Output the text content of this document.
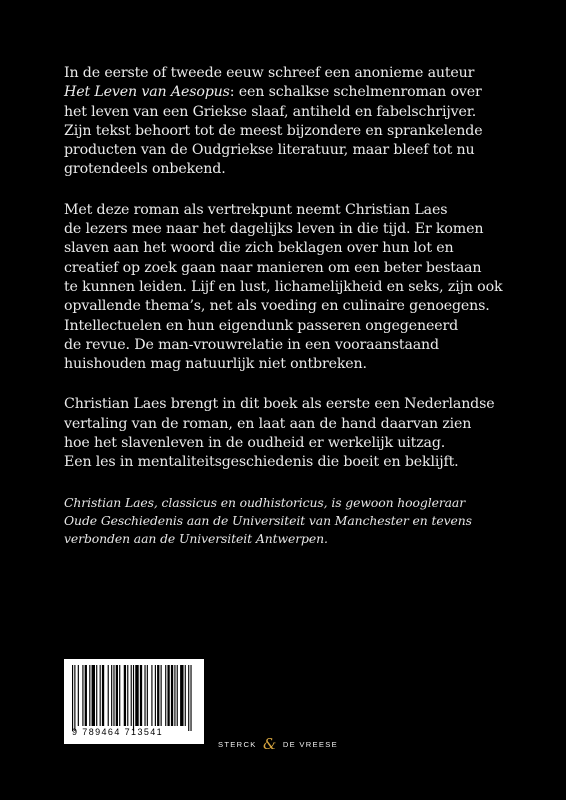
In de eerste of tweede eeuw schreef een anonieme auteur
Het Leven van Aesopus: een schalkse schelmenroman over
het leven van een Griekse slaaf, antiheld en fabelschrijver.
Zijn tekst behoort tot de meest bijzondere en sprankelende
producten van de Oudgriekse literatuur, maar bleef tot nu
grotendeels onbekend.

Met deze roman als vertrekpunt neemt Christian Laes
de lezers mee naar het dagelijks leven in die tijd. Er komen
slaven aan het woord die zich beklagen over hun lot en
creatief op zoek gaan naar manieren om een beter bestaan
te kunnen leiden. Lijf en lust, lichamelijkheid en seks, zijn ook
opvallende thema’s, net als voeding en culinaire genoegens.
Intellectuelen en hun eigendunk passeren ongegeneerd
de revue. De man-vrouwrelatie in een vooraanstaand
huishouden mag natuurlijk niet ontbreken.

Christian Laes brengt in dit boek als eerste een Nederlandse
vertaling van de roman, en laat aan de hand daarvan zien
hoe het slavenleven in de oudheid er werkelijk uitzag.
Een les in mentaliteitsgeschiedenis die boeit en beklijft.

Christian Laes, classicus en oudhistoricus, is gewoon hoogleraar
Oude Geschiedenis aan de Universiteit van Manchester en tevens
verbonden aan de Universiteit Antwerpen.

9 789464 713541
STERCK & DE VREESE
